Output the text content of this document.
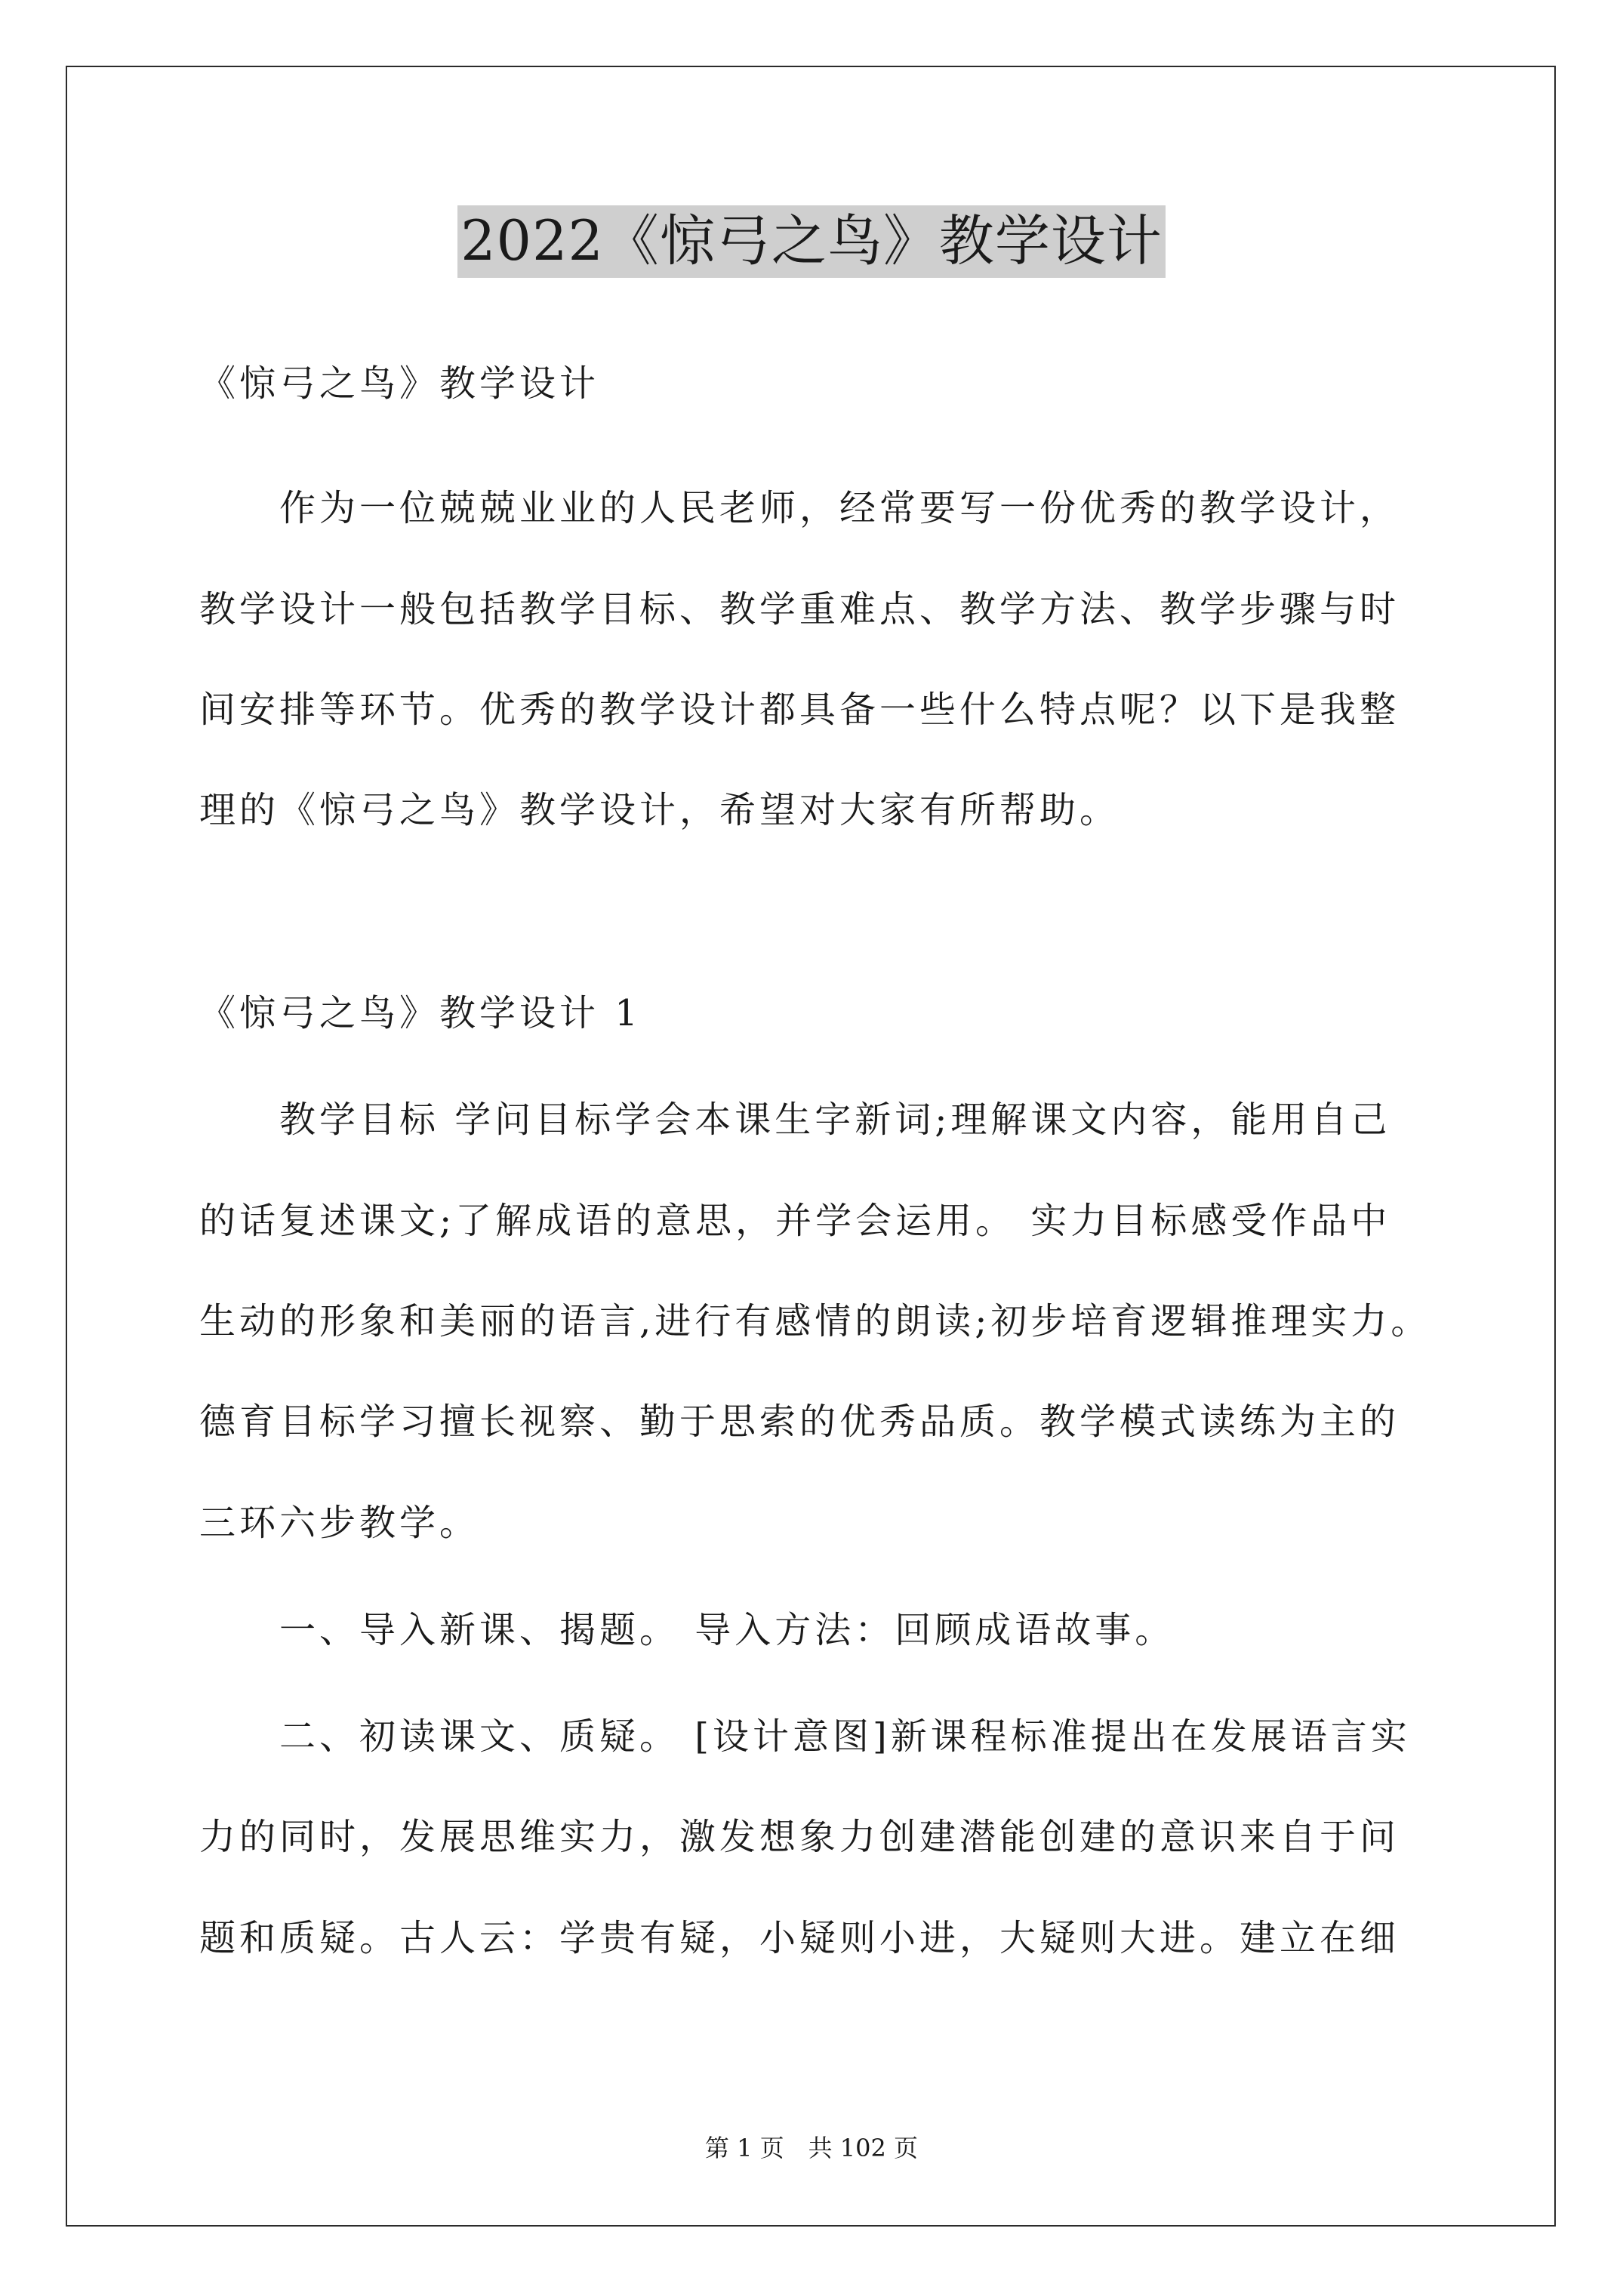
2022《惊弓之鸟》教学设计
《惊弓之鸟》教学设计
　　作为一位兢兢业业的人民老师，经常要写一份优秀的教学设计，
教学设计一般包括教学目标、教学重难点、教学方法、教学步骤与时
间安排等环节。优秀的教学设计都具备一些什么特点呢？以下是我整
理的《惊弓之鸟》教学设计，希望对大家有所帮助。
《惊弓之鸟》教学设计 1
　　教学目标 学问目标学会本课生字新词;理解课文内容，能用自己
的话复述课文;了解成语的意思，并学会运用。 实力目标感受作品中
生动的形象和美丽的语言,进行有感情的朗读;初步培育逻辑推理实力。
德育目标学习擅长视察、勤于思索的优秀品质。教学模式读练为主的
三环六步教学。
　　一、导入新课、揭题。 导入方法：回顾成语故事。
　　二、初读课文、质疑。 [设计意图]新课程标准提出在发展语言实
力的同时，发展思维实力，激发想象力创建潜能创建的意识来自于问
题和质疑。古人云：学贵有疑，小疑则小进，大疑则大进。建立在细
第 1 页　共 102 页
